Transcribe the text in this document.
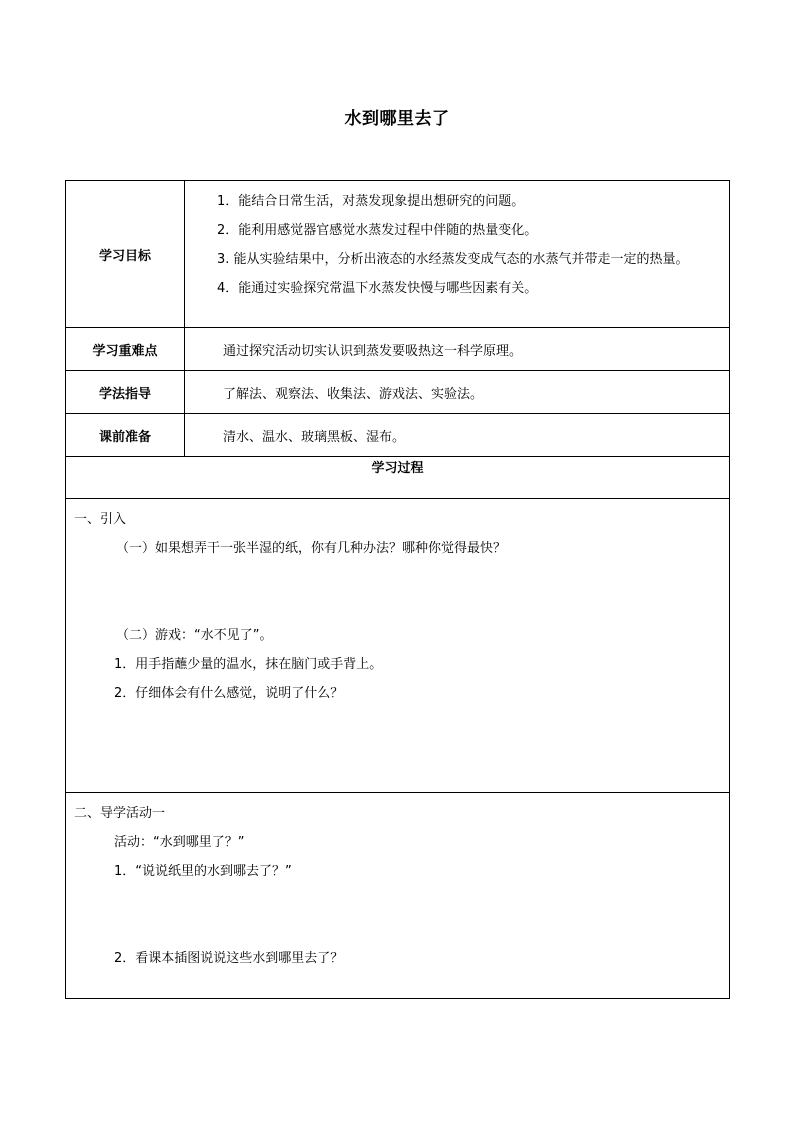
水到哪里去了
学习目标	1．能结合日常生活，对蒸发现象提出想研究的问题。

2．能利用感觉器官感觉水蒸发过程中伴随的热量变化。

3. 能从实验结果中，分析出液态的水经蒸发变成气态的水蒸气并带走一定的热量。

4．能通过实验探究常温下水蒸发快慢与哪些因素有关。

学习重难点	通过探究活动切实认识到蒸发要吸热这一科学原理。
学法指导	了解法、观察法、收集法、游戏法、实验法。
课前准备	清水、温水、玻璃黑板、湿布。
学习过程	

一、引入

（一）如果想弄干一张半湿的纸，你有几种办法？哪种你觉得最快？

（二）游戏：“水不见了”。

1．用手指蘸少量的温水，抹在脑门或手背上。

2．仔细体会有什么感觉，说明了什么？	

二、导学活动一

活动：“水到哪里了？”

1．“说说纸里的水到哪去了？”

2．看课本插图说说这些水到哪里去了？	
